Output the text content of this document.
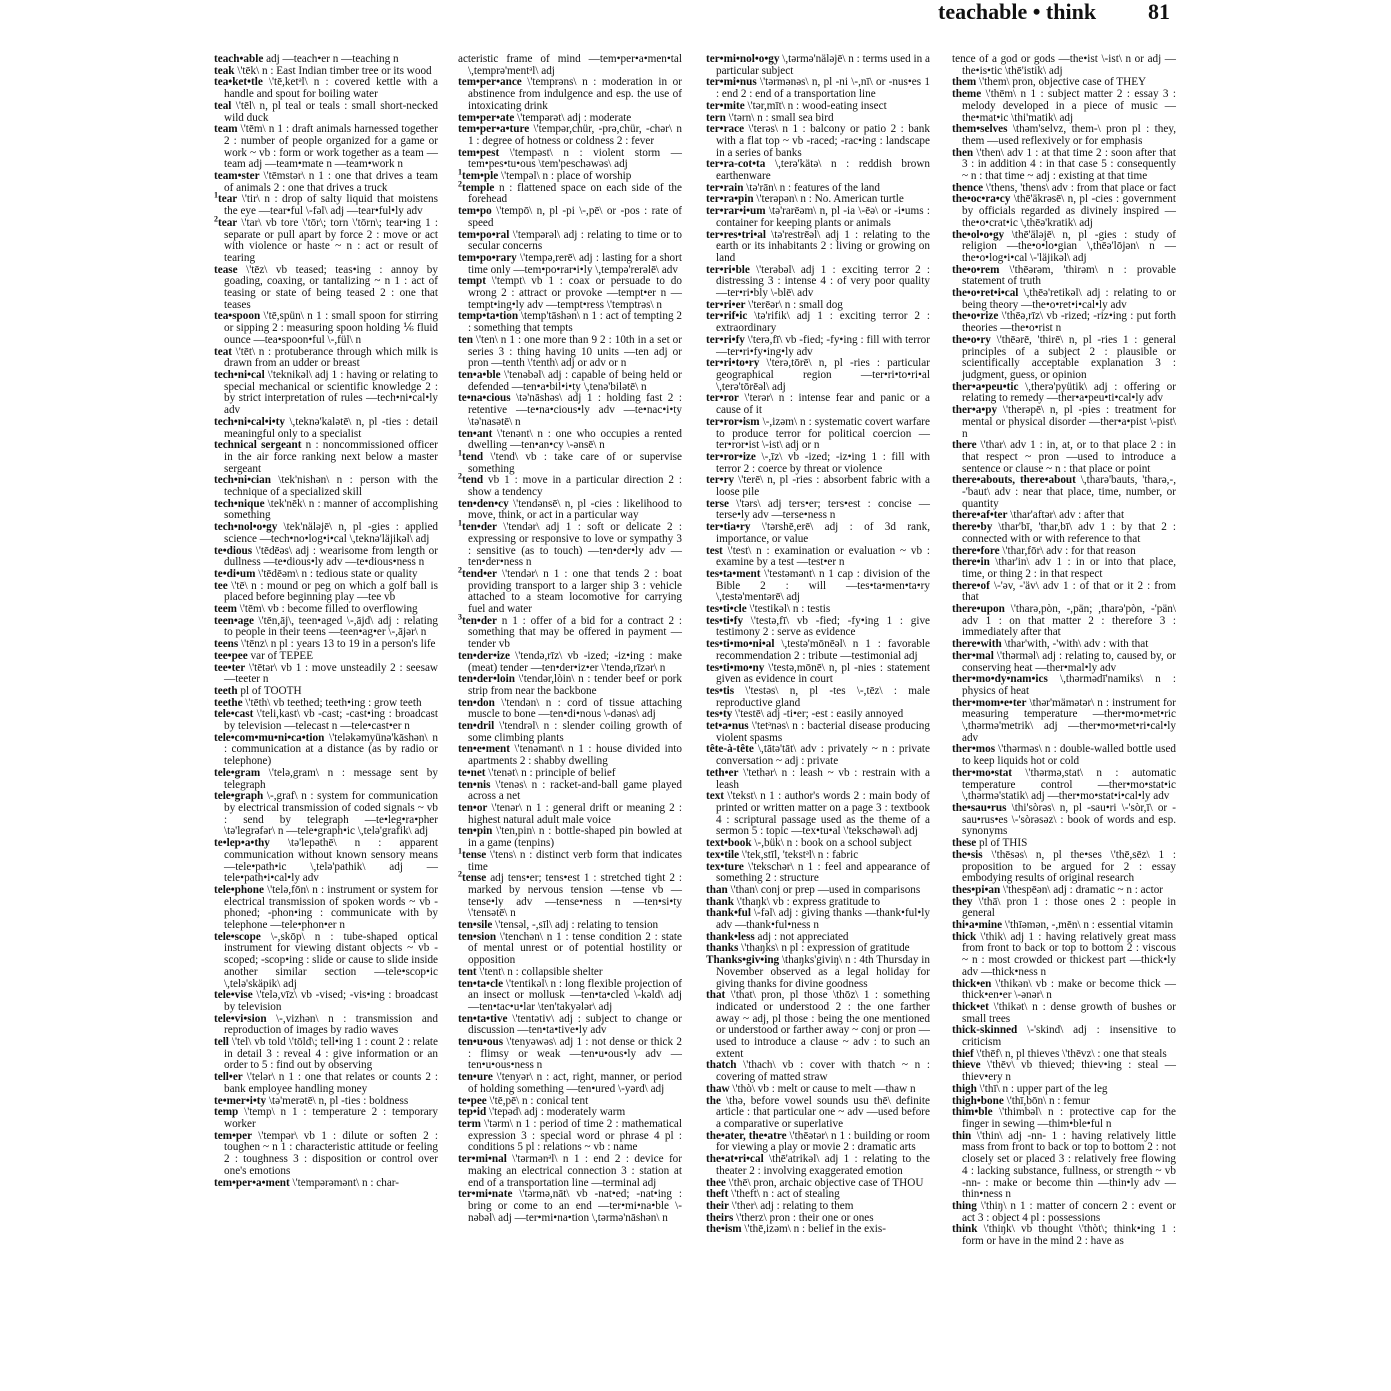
teachable • think 81

teach•able adj —teach•er n —teaching n

teak \'tēk\ n : East Indian timber tree or its wood

tea•ket•tle \'tē,ketᵊl\ n : covered kettle with a handle and spout for boiling water

teal \'tēl\ n, pl teal or teals : small short-necked wild duck

team \'tēm\ n 1 : draft animals harnessed together 2 : number of people organized for a game or work ~ vb : form or work together as a team —team adj —team•mate n —team•work n

team•ster \'tēmstər\ n 1 : one that drives a team of animals 2 : one that drives a truck

$^1$tear \'tir\ n : drop of salty liquid that moistens the eye —tear•ful \-fəl\ adj —tear•ful•ly adv

$^2$tear \'tar\ vb tore \'tōr\; torn \'tōrn\; tear•ing 1 : separate or pull apart by force 2 : move or act with violence or haste ~ n : act or result of tearing

tease \'tēz\ vb teased; teas•ing : annoy by goading, coaxing, or tantalizing ~ n 1 : act of teasing or state of being teased 2 : one that teases

tea•spoon \'tē,spün\ n 1 : small spoon for stirring or sipping 2 : measuring spoon holding ⅙ fluid ounce —tea•spoon•ful \-,fül\ n

teat \'tēt\ n : protuberance through which milk is drawn from an udder or breast

tech•ni•cal \'teknikəl\ adj 1 : having or relating to special mechanical or scientific knowledge 2 : by strict interpretation of rules —tech•ni•cal•ly adv

tech•ni•cal•i•ty \,teknə'kalətē\ n, pl -ties : detail meaningful only to a specialist

technical sergeant n : noncommissioned officer in the air force ranking next below a master sergeant

tech•ni•cian \tek'nishən\ n : person with the technique of a specialized skill

tech•nique \tek'nēk\ n : manner of accomplishing something

tech•nol•o•gy \tek'näləjē\ n, pl -gies : applied science —tech•no•log•i•cal \,teknə'läjikəl\ adj

te•dious \'tēdēəs\ adj : wearisome from length or dullness —te•dious•ly adv —te•dious•ness n

te•di•um \'tēdēəm\ n : tedious state or quality

tee \'tē\ n : mound or peg on which a golf ball is placed before beginning play —tee vb

teem \'tēm\ vb : become filled to overflowing

teen•age \'tēn,āj\, teen•aged \-,ājd\ adj : relating to people in their teens —teen•ag•er \-,ājər\ n

teens \'tēnz\ n pl : years 13 to 19 in a person's life

tee•pee var of TEPEE

tee•ter \'tētər\ vb 1 : move unsteadily 2 : seesaw —teeter n

teeth pl of TOOTH

teethe \'tēth\ vb teethed; teeth•ing : grow teeth

tele•cast \'teli,kast\ vb -cast; -cast•ing : broadcast by television —telecast n —tele•cast•er n

tele•com•mu•ni•ca•tion \'teləkəmyünə'kāshən\ n : communication at a distance (as by radio or telephone)

tele•gram \'telə,gram\ n : message sent by telegraph

tele•graph \-,graf\ n : system for communication by electrical transmission of coded signals ~ vb : send by telegraph —te•leg•ra•pher \tə'legrəfər\ n —tele•graph•ic \,telə'grafik\ adj

te•lep•a•thy \tə'lepəthē\ n : apparent communication without known sensory means —tele•path•ic \,telə'pathik\ adj —tele•path•i•cal•ly adv

tele•phone \'telə,fōn\ n : instrument or system for electrical transmission of spoken words ~ vb -phoned; -phon•ing : communicate with by telephone —tele•phon•er n

tele•scope \-,skōp\ n : tube-shaped optical instrument for viewing distant objects ~ vb -scoped; -scop•ing : slide or cause to slide inside another similar section —tele•scop•ic \,telə'skäpik\ adj

tele•vise \'telə,vīz\ vb -vised; -vis•ing : broadcast by television

tele•vi•sion \-,vizhən\ n : transmission and reproduction of images by radio waves

tell \'tel\ vb told \'tōld\; tell•ing 1 : count 2 : relate in detail 3 : reveal 4 : give information or an order to 5 : find out by observing

tell•er \'telər\ n 1 : one that relates or counts 2 : bank employee handling money

te•mer•i•ty \tə'merətē\ n, pl -ties : boldness

temp \'temp\ n 1 : temperature 2 : temporary worker

tem•per \'tempər\ vb 1 : dilute or soften 2 : toughen ~ n 1 : characteristic attitude or feeling 2 : toughness 3 : disposition or control over one's emotions

tem•per•a•ment \'tempərəmənt\ n : char-

acteristic frame of mind —tem•per•a•men•tal \,temprə'mentᵊl\ adj

tem•per•ance \'temprəns\ n : moderation in or abstinence from indulgence and esp. the use of intoxicating drink

tem•per•ate \'tempərət\ adj : moderate

tem•per•a•ture \'tempər,chür, -prə,chür, -chər\ n 1 : degree of hotness or coldness 2 : fever

tem•pest \'tempəst\ n : violent storm —tem•pes•tu•ous \tem'peschəwəs\ adj

$^1$tem•ple \'tempəl\ n : place of worship

$^2$temple n : flattened space on each side of the forehead

tem•po \'tempō\ n, pl -pi \-,pē\ or -pos : rate of speed

tem•po•ral \'tempərəl\ adj : relating to time or to secular concerns

tem•po•rary \'tempə,rerē\ adj : lasting for a short time only —tem•po•rar•i•ly \,tempə'rerəlē\ adv

tempt \'tempt\ vb 1 : coax or persuade to do wrong 2 : attract or provoke —tempt•er n —tempt•ing•ly adv —tempt•ress \'temptrəs\ n

temp•ta•tion \temp'tāshən\ n 1 : act of tempting 2 : something that tempts

ten \'ten\ n 1 : one more than 9 2 : 10th in a set or series 3 : thing having 10 units —ten adj or pron —tenth \'tenth\ adj or adv or n

ten•a•ble \'tenəbəl\ adj : capable of being held or defended —ten•a•bil•i•ty \,tenə'bilətē\ n

te•na•cious \tə'nāshəs\ adj 1 : holding fast 2 : retentive —te•na•cious•ly adv —te•nac•i•ty \tə'nasətē\ n

ten•ant \'tenənt\ n : one who occupies a rented dwelling —ten•an•cy \-ənsē\ n

$^1$tend \'tend\ vb : take care of or supervise something

$^2$tend vb 1 : move in a particular direction 2 : show a tendency

ten•den•cy \'tendənsē\ n, pl -cies : likelihood to move, think, or act in a particular way

$^1$ten•der \'tendər\ adj 1 : soft or delicate 2 : expressing or responsive to love or sympathy 3 : sensitive (as to touch) —ten•der•ly adv —ten•der•ness n

$^2$tend•er \'tendər\ n 1 : one that tends 2 : boat providing transport to a larger ship 3 : vehicle attached to a steam locomotive for carrying fuel and water

$^3$ten•der n 1 : offer of a bid for a contract 2 : something that may be offered in payment —tender vb

ten•der•ize \'tendə,rīz\ vb -ized; -iz•ing : make (meat) tender —ten•der•iz•er \'tendə,rīzər\ n

ten•der•loin \'tendər,lòin\ n : tender beef or pork strip from near the backbone

ten•don \'tendən\ n : cord of tissue attaching muscle to bone —ten•di•nous \-dənəs\ adj

ten•dril \'tendrəl\ n : slender coiling growth of some climbing plants

ten•e•ment \'tenəmənt\ n 1 : house divided into apartments 2 : shabby dwelling

te•net \'tenət\ n : principle of belief

ten•nis \'tenəs\ n : racket-and-ball game played across a net

ten•or \'tenər\ n 1 : general drift or meaning 2 : highest natural adult male voice

ten•pin \'ten,pin\ n : bottle-shaped pin bowled at in a game (tenpins)

$^1$tense \'tens\ n : distinct verb form that indicates time

$^2$tense adj tens•er; tens•est 1 : stretched tight 2 : marked by nervous tension —tense vb —tense•ly adv —tense•ness n —ten•si•ty \'tensətē\ n

ten•sile \'tensəl, -,sīl\ adj : relating to tension

ten•sion \'tenchən\ n 1 : tense condition 2 : state of mental unrest or of potential hostility or opposition

tent \'tent\ n : collapsible shelter

ten•ta•cle \'tentikəl\ n : long flexible projection of an insect or mollusk —ten•ta•cled \-kəld\ adj —ten•tac•u•lar \ten'takyələr\ adj

ten•ta•tive \'tentətiv\ adj : subject to change or discussion —ten•ta•tive•ly adv

ten•u•ous \'tenyəwəs\ adj 1 : not dense or thick 2 : flimsy or weak —ten•u•ous•ly adv —ten•u•ous•ness n

ten•ure \'tenyər\ n : act, right, manner, or period of holding something —ten•ured \-yərd\ adj

te•pee \'tē,pē\ n : conical tent

tep•id \'tepəd\ adj : moderately warm

term \'tərm\ n 1 : period of time 2 : mathematical expression 3 : special word or phrase 4 pl : conditions 5 pl : relations ~ vb : name

ter•mi•nal \'tərmənᵊl\ n 1 : end 2 : device for making an electrical connection 3 : station at end of a transportation line —terminal adj

ter•mi•nate \'tərmə,nāt\ vb -nat•ed; -nat•ing : bring or come to an end —ter•mi•na•ble \-nəbəl\ adj —ter•mi•na•tion \,tərmə'nāshən\ n

ter•mi•nol•o•gy \,tərmə'näləjē\ n : terms used in a particular subject

ter•mi•nus \'tərmənəs\ n, pl -ni \-,nī\ or -nus•es 1 : end 2 : end of a transportation line

ter•mite \'tər,mīt\ n : wood-eating insect

tern \'tərn\ n : small sea bird

ter•race \'terəs\ n 1 : balcony or patio 2 : bank with a flat top ~ vb -raced; -rac•ing : landscape in a series of banks

ter•ra-cot•ta \,terə'kätə\ n : reddish brown earthenware

ter•rain \tə'rān\ n : features of the land

ter•ra•pin \'terəpən\ n : No. American turtle

ter•rar•i•um \tə'rarēəm\ n, pl -ia \-ēə\ or -i•ums : container for keeping plants or animals

ter•res•tri•al \tə'restrēəl\ adj 1 : relating to the earth or its inhabitants 2 : living or growing on land

ter•ri•ble \'terəbəl\ adj 1 : exciting terror 2 : distressing 3 : intense 4 : of very poor quality —ter•ri•bly \-blē\ adv

ter•ri•er \'terēər\ n : small dog

ter•rif•ic \tə'rifik\ adj 1 : exciting terror 2 : extraordinary

ter•ri•fy \'terə,fī\ vb -fied; -fy•ing : fill with terror —ter•ri•fy•ing•ly adv

ter•ri•to•ry \'terə,tōrē\ n, pl -ries : particular geographical region —ter•ri•to•ri•al \,terə'tōrēəl\ adj

ter•ror \'terər\ n : intense fear and panic or a cause of it

ter•ror•ism \-,izəm\ n : systematic covert warfare to produce terror for political coercion —ter•ror•ist \-ist\ adj or n

ter•ror•ize \-,īz\ vb -ized; -iz•ing 1 : fill with terror 2 : coerce by threat or violence

ter•ry \'terē\ n, pl -ries : absorbent fabric with a loose pile

terse \'tərs\ adj ters•er; ters•est : concise —terse•ly adv —terse•ness n

ter•tia•ry \'tərshē,erē\ adj : of 3d rank, importance, or value

test \'test\ n : examination or evaluation ~ vb : examine by a test —test•er n

tes•ta•ment \'testəmənt\ n 1 cap : division of the Bible 2 : will —tes•ta•men•ta•ry \,testə'mentərē\ adj

tes•ti•cle \'testikəl\ n : testis

tes•ti•fy \'testə,fī\ vb -fied; -fy•ing 1 : give testimony 2 : serve as evidence

tes•ti•mo•ni•al \,testə'mōnēəl\ n 1 : favorable recommendation 2 : tribute —testimonial adj

tes•ti•mo•ny \'testə,mōnē\ n, pl -nies : statement given as evidence in court

tes•tis \'testəs\ n, pl -tes \-,tēz\ : male reproductive gland

tes•ty \'testē\ adj -ti•er; -est : easily annoyed

tet•a•nus \'tetᵊnəs\ n : bacterial disease producing violent spasms

tête-à-tête \,tātə'tāt\ adv : privately ~ n : private conversation ~ adj : private

teth•er \'tethər\ n : leash ~ vb : restrain with a leash

text \'tekst\ n 1 : author's words 2 : main body of printed or written matter on a page 3 : textbook 4 : scriptural passage used as the theme of a sermon 5 : topic —tex•tu•al \'tekschəwəl\ adj

text•book \-,bük\ n : book on a school subject

tex•tile \'tek,stīl, 'tekstᵊl\ n : fabric

tex•ture \'tekschər\ n 1 : feel and appearance of something 2 : structure

than \'than\ conj or prep —used in comparisons

thank \'thaŋk\ vb : express gratitude to

thank•ful \-fəl\ adj : giving thanks —thank•ful•ly adv —thank•ful•ness n

thank•less adj : not appreciated

thanks \'thaŋks\ n pl : expression of gratitude

Thanks•giv•ing \thaŋks'giviŋ\ n : 4th Thursday in November observed as a legal holiday for giving thanks for divine goodness

that \'that\ pron, pl those \thōz\ 1 : something indicated or understood 2 : the one farther away ~ adj, pl those : being the one mentioned or understood or farther away ~ conj or pron —used to introduce a clause ~ adv : to such an extent

thatch \'thach\ vb : cover with thatch ~ n : covering of matted straw

thaw \'thò\ vb : melt or cause to melt —thaw n

the \thə, before vowel sounds usu thē\ definite article : that particular one ~ adv —used before a comparative or superlative

the•ater, the•atre \'thēətər\ n 1 : building or room for viewing a play or movie 2 : dramatic arts

the•at•ri•cal \thē'atrikəl\ adj 1 : relating to the theater 2 : involving exaggerated emotion

thee \'thē\ pron, archaic objective case of THOU

theft \'theft\ n : act of stealing

their \'ther\ adj : relating to them

theirs \'therz\ pron : their one or ones

the•ism \'thē,izəm\ n : belief in the exis-

tence of a god or gods —the•ist \-ist\ n or adj —the•is•tic \thē'istik\ adj

them \'them\ pron, objective case of THEY

theme \'thēm\ n 1 : subject matter 2 : essay 3 : melody developed in a piece of music —the•mat•ic \thi'matik\ adj

them•selves \thəm'selvz, them-\ pron pl : they, them —used reflexively or for emphasis

then \'then\ adv 1 : at that time 2 : soon after that 3 : in addition 4 : in that case 5 : consequently ~ n : that time ~ adj : existing at that time

thence \'thens, 'thens\ adv : from that place or fact

the•oc•ra•cy \thē'äkrəsē\ n, pl -cies : government by officials regarded as divinely inspired —the•o•crat•ic \,thēə'kratik\ adj

the•ol•o•gy \thē'äləjē\ n, pl -gies : study of religion —the•o•lo•gian \,thēə'lōjən\ n —the•o•log•i•cal \-'läjikəl\ adj

the•o•rem \'thēərəm, 'thirəm\ n : provable statement of truth

the•o•ret•i•cal \,thēə'retikəl\ adj : relating to or being theory —the•o•ret•i•cal•ly adv

the•o•rize \'thēə,rīz\ vb -rized; -riz•ing : put forth theories —the•o•rist n

the•o•ry \'thēərē, 'thirē\ n, pl -ries 1 : general principles of a subject 2 : plausible or scientifically acceptable explanation 3 : judgment, guess, or opinion

ther•a•peu•tic \,therə'pyütik\ adj : offering or relating to remedy —ther•a•peu•ti•cal•ly adv

ther•a•py \'therəpē\ n, pl -pies : treatment for mental or physical disorder —ther•a•pist \-pist\ n

there \'thar\ adv 1 : in, at, or to that place 2 : in that respect ~ pron —used to introduce a sentence or clause ~ n : that place or point

there•abouts, there•about \,tharə'bauts, 'tharə,-, -'baut\ adv : near that place, time, number, or quantity

there•af•ter \thar'aftər\ adv : after that

there•by \thar'bī, 'thar,bī\ adv 1 : by that 2 : connected with or with reference to that

there•fore \'thar,fōr\ adv : for that reason

there•in \thar'in\ adv 1 : in or into that place, time, or thing 2 : in that respect

there•of \-'əv, -'äv\ adv 1 : of that or it 2 : from that

there•upon \'tharə,pòn, -,pän; ,tharə'pòn, -'pän\ adv 1 : on that matter 2 : therefore 3 : immediately after that

there•with \thar'with, -'with\ adv : with that

ther•mal \'thərməl\ adj : relating to, caused by, or conserving heat —ther•mal•ly adv

ther•mo•dy•nam•ics \,thərmədī'namiks\ n : physics of heat

ther•mom•e•ter \thər'mämətər\ n : instrument for measuring temperature —ther•mo•met•ric \,thərmə'metrik\ adj —ther•mo•met•ri•cal•ly adv

ther•mos \'thərməs\ n : double-walled bottle used to keep liquids hot or cold

ther•mo•stat \'thərmə,stat\ n : automatic temperature control —ther•mo•stat•ic \,thərmə'statik\ adj —ther•mo•stat•i•cal•ly adv

the•sau•rus \thi'sòrəs\ n, pl -sau•ri \-'sòr,ī\ or -sau•rus•es \-'sòrəsəz\ : book of words and esp. synonyms

these pl of THIS

the•sis \'thēsəs\ n, pl the•ses \'thē,sēz\ 1 : proposition to be argued for 2 : essay embodying results of original research

thes•pi•an \'thespēən\ adj : dramatic ~ n : actor

they \'thā\ pron 1 : those ones 2 : people in general

thi•a•mine \'thīəmən, -,mēn\ n : essential vitamin

thick \'thik\ adj 1 : having relatively great mass from front to back or top to bottom 2 : viscous ~ n : most crowded or thickest part —thick•ly adv —thick•ness n

thick•en \'thikən\ vb : make or become thick —thick•en•er \-ənər\ n

thick•et \'thikət\ n : dense growth of bushes or small trees

thick-skinned \-'skind\ adj : insensitive to criticism

thief \'thēf\ n, pl thieves \'thēvz\ : one that steals

thieve \'thēv\ vb thieved; thiev•ing : steal —thiev•ery n

thigh \'thī\ n : upper part of the leg

thigh•bone \'thī,bōn\ n : femur

thim•ble \'thimbəl\ n : protective cap for the finger in sewing —thim•ble•ful n

thin \'thin\ adj -nn- 1 : having relatively little mass from front to back or top to bottom 2 : not closely set or placed 3 : relatively free flowing 4 : lacking substance, fullness, or strength ~ vb -nn- : make or become thin —thin•ly adv —thin•ness n

thing \'thiŋ\ n 1 : matter of concern 2 : event or act 3 : object 4 pl : possessions

think \'thiŋk\ vb thought \'thòt\; think•ing 1 : form or have in the mind 2 : have as
